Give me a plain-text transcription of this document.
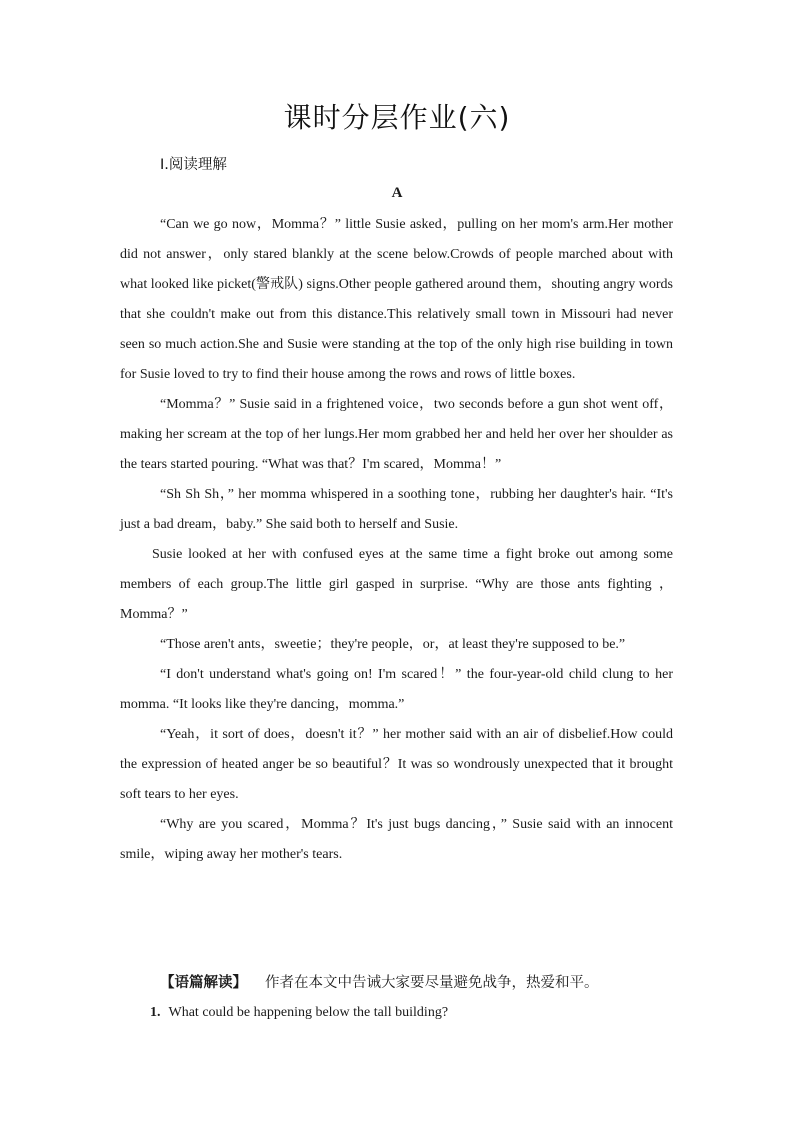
课时分层作业(六)
Ⅰ.阅读理解
A

“Can we go now，Momma？” little Susie asked，pulling on her mom's arm.Her mother did not answer，only stared blankly at the scene below.Crowds of people marched about with what looked like picket(警戒队) signs.Other people gathered around them，shouting angry words that she couldn't make out from this distance.This relatively small town in Missouri had never seen so much action.She and Susie were standing at the top of the only high rise building in town for Susie loved to try to find their house among the rows and rows of little boxes.

“Momma？” Susie said in a frightened voice，two seconds before a gun shot went off，making her scream at the top of her lungs.Her mom grabbed her and held her over her shoulder as the tears started pouring. “What was that？I'm scared，Momma！”

“Sh Sh Sh，” her momma whispered in a soothing tone，rubbing her daughter's hair. “It's just a bad dream，baby.” She said both to herself and Susie.

Susie looked at her with confused eyes at the same time a fight broke out among some members of each group.The little girl gasped in surprise. “Why are those ants fighting ，Momma？”

“Those aren't ants，sweetie；they're people，or，at least they're supposed to be.”

“I don't understand what's going on! I'm scared！” the four-year-old child clung to her momma. “It looks like they're dancing，momma.”

“Yeah，it sort of does，doesn't it？” her mother said with an air of disbelief.How could the expression of heated anger be so beautiful？It was so wondrously unexpected that it brought soft tears to her eyes.

“Why are you scared，Momma？It's just bugs dancing，” Susie said with an innocent smile，wiping away her mother's tears.

【语篇解读】 作者在本文中告诫大家要尽量避免战争，热爱和平。
1. What could be happening below the tall building?
